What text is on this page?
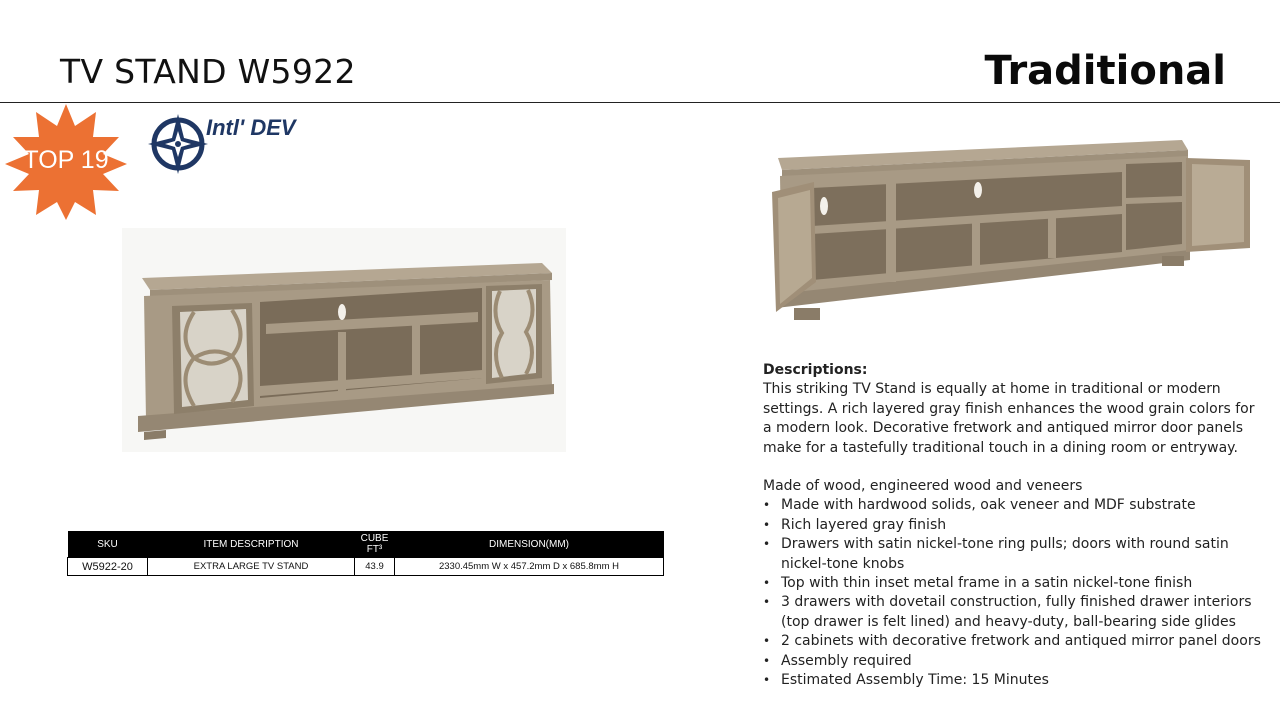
TV STAND W5922	Traditional
TOP 19
Intl' DEV
SKU	ITEM DESCRIPTION	CUBE FT³	DIMENSION(MM)
W5922-20	EXTRA LARGE TV STAND	43.9	2330.45mm W x 457.2mm D x 685.8mm H

Descriptions:

This striking TV Stand is equally at home in traditional or modern settings. A rich layered gray finish enhances the wood grain colors for a modern look. Decorative fretwork and antiqued mirror door panels make for a tastefully traditional touch in a dining room or entryway.

Made of wood, engineered wood and veneers

• Made with hardwood solids, oak veneer and MDF substrate
• Rich layered gray finish
• Drawers with satin nickel-tone ring pulls; doors with round satin nickel-tone knobs
• Top with thin inset metal frame in a satin nickel-tone finish
• 3 drawers with dovetail construction, fully finished drawer interiors (top drawer is felt lined) and heavy-duty, ball-bearing side glides
• 2 cabinets with decorative fretwork and antiqued mirror panel doors
• Assembly required
• Estimated Assembly Time: 15 Minutes
